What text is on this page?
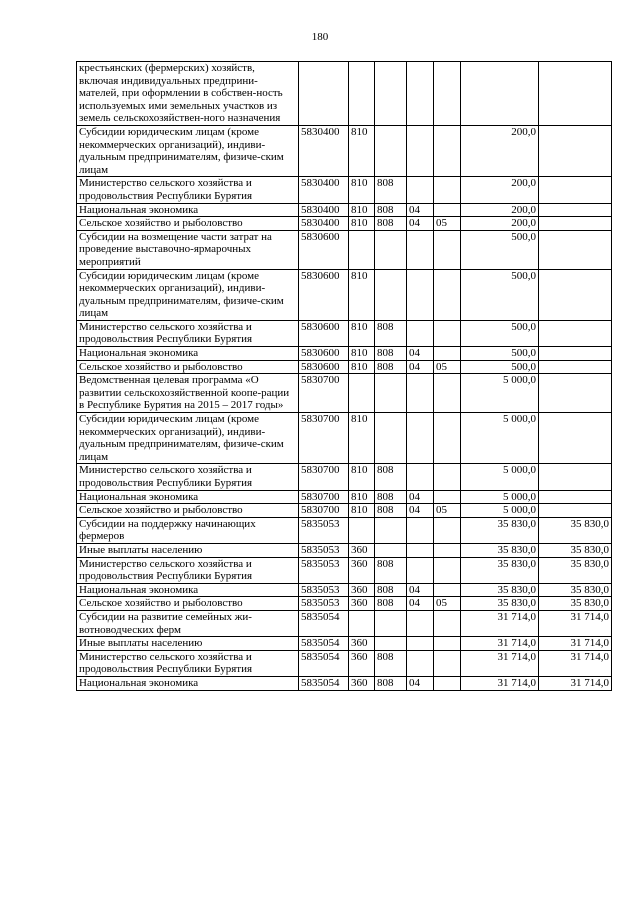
180
крестьянских (фермерских) хозяйств, включая индивидуальных предприни-мателей, при оформлении в собствен-ность используемых ими земельных участков из земель сельскохозяйствен-ного назначения							
Субсидии юридическим лицам (кроме некоммерческих организаций), индиви-дуальным предпринимателям, физиче-ским лицам	5830400	810				200,0	
Министерство сельского хозяйства и продовольствия Республики Бурятия	5830400	810	808			200,0	
Национальная экономика	5830400	810	808	04		200,0	
Сельское хозяйство и рыболовство	5830400	810	808	04	05	200,0	
Субсидии на возмещение части затрат на проведение выставочно-ярмарочных мероприятий	5830600					500,0	
Субсидии юридическим лицам (кроме некоммерческих организаций), индиви-дуальным предпринимателям, физиче-ским лицам	5830600	810				500,0	
Министерство сельского хозяйства и продовольствия Республики Бурятия	5830600	810	808			500,0	
Национальная экономика	5830600	810	808	04		500,0	
Сельское хозяйство и рыболовство	5830600	810	808	04	05	500,0	
Ведомственная целевая программа «О развитии сельскохозяйственной коопе-рации в Республике Бурятия на 2015 – 2017 годы»	5830700					5 000,0	
Субсидии юридическим лицам (кроме некоммерческих организаций), индиви-дуальным предпринимателям, физиче-ским лицам	5830700	810				5 000,0	
Министерство сельского хозяйства и продовольствия Республики Бурятия	5830700	810	808			5 000,0	
Национальная экономика	5830700	810	808	04		5 000,0	
Сельское хозяйство и рыболовство	5830700	810	808	04	05	5 000,0	
Субсидии на поддержку начинающих фермеров	5835053					35 830,0	35 830,0
Иные выплаты населению	5835053	360				35 830,0	35 830,0
Министерство сельского хозяйства и продовольствия Республики Бурятия	5835053	360	808			35 830,0	35 830,0
Национальная экономика	5835053	360	808	04		35 830,0	35 830,0
Сельское хозяйство и рыболовство	5835053	360	808	04	05	35 830,0	35 830,0
Субсидии на развитие семейных жи-вотноводческих ферм	5835054					31 714,0	31 714,0
Иные выплаты населению	5835054	360				31 714,0	31 714,0
Министерство сельского хозяйства и продовольствия Республики Бурятия	5835054	360	808			31 714,0	31 714,0
Национальная экономика	5835054	360	808	04		31 714,0	31 714,0
